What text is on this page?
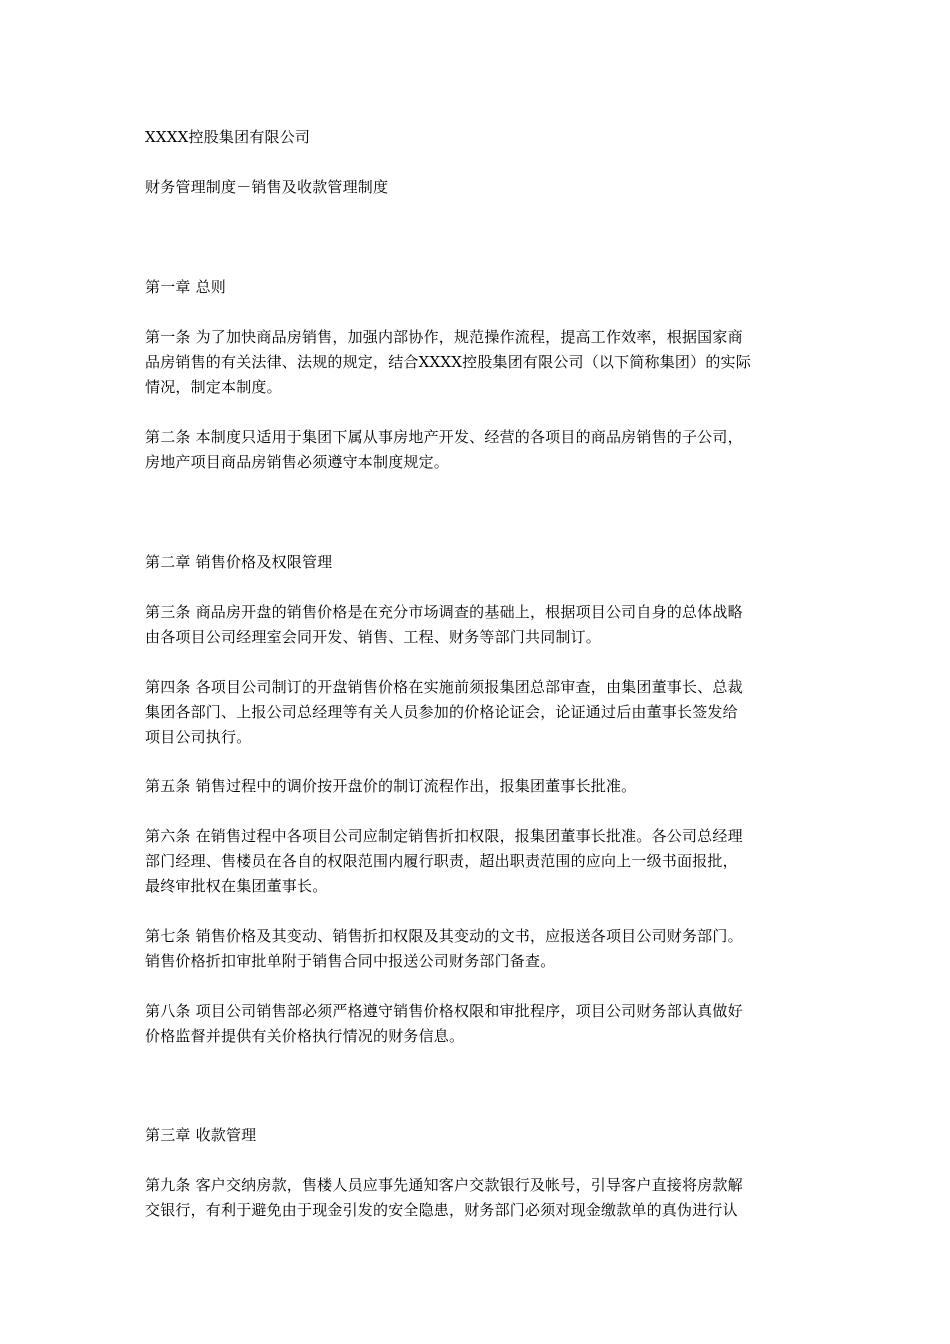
XXXX控股集团有限公司
财务管理制度－销售及收款管理制度
第一章 总则
第一条 为了加快商品房销售，加强内部协作，规范操作流程，提高工作效率，根据国家商
品房销售的有关法律、法规的规定，结合XXXX控股集团有限公司（以下简称集团）的实际
情况，制定本制度。
第二条 本制度只适用于集团下属从事房地产开发、经营的各项目的商品房销售的子公司，
房地产项目商品房销售必须遵守本制度规定。
第二章 销售价格及权限管理
第三条 商品房开盘的销售价格是在充分市场调查的基础上，根据项目公司自身的总体战略
由各项目公司经理室会同开发、销售、工程、财务等部门共同制订。
第四条 各项目公司制订的开盘销售价格在实施前须报集团总部审查，由集团董事长、总裁
集团各部门、上报公司总经理等有关人员参加的价格论证会，论证通过后由董事长签发给
项目公司执行。
第五条 销售过程中的调价按开盘价的制订流程作出，报集团董事长批准。
第六条 在销售过程中各项目公司应制定销售折扣权限，报集团董事长批准。各公司总经理
部门经理、售楼员在各自的权限范围内履行职责，超出职责范围的应向上一级书面报批，
最终审批权在集团董事长。
第七条 销售价格及其变动、销售折扣权限及其变动的文书，应报送各项目公司财务部门。
销售价格折扣审批单附于销售合同中报送公司财务部门备查。
第八条 项目公司销售部必须严格遵守销售价格权限和审批程序，项目公司财务部认真做好
价格监督并提供有关价格执行情况的财务信息。
第三章 收款管理
第九条 客户交纳房款，售楼人员应事先通知客户交款银行及帐号，引导客户直接将房款解
交银行，有利于避免由于现金引发的安全隐患，财务部门必须对现金缴款单的真伪进行认
